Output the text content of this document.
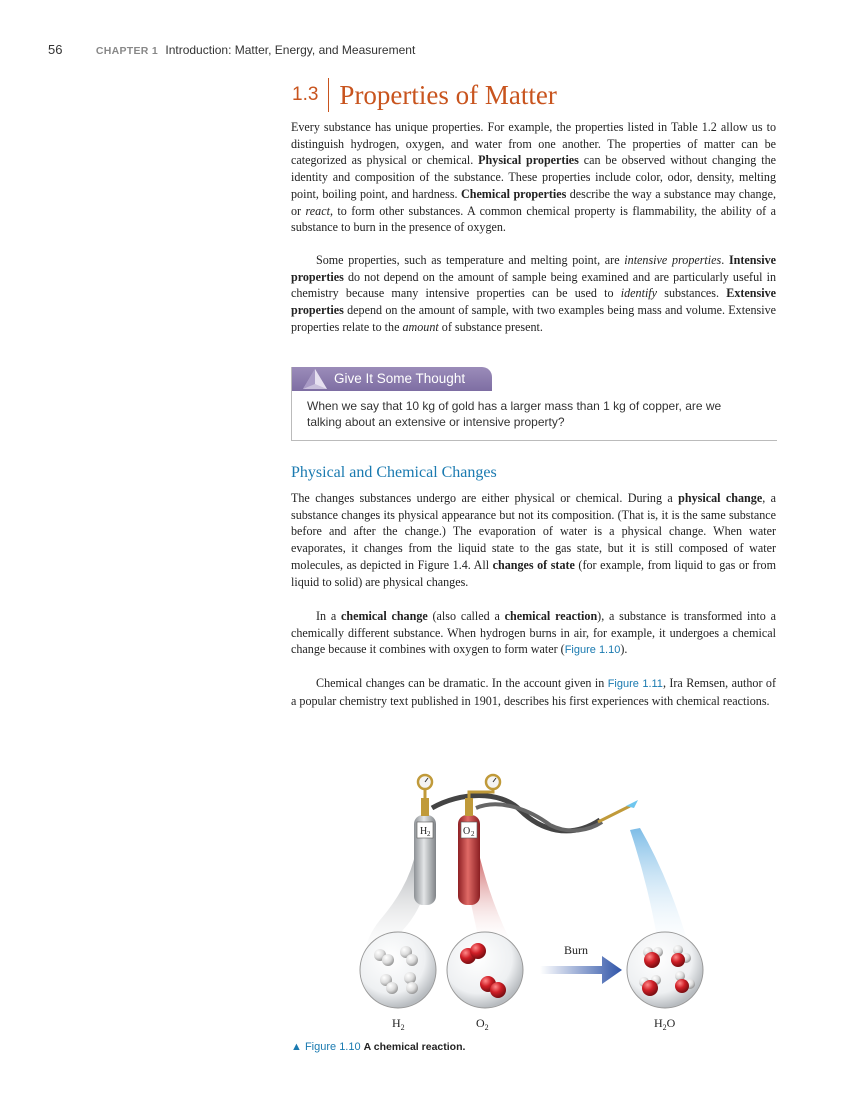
56	CHAPTER 1 Introduction: Matter, Energy, and Measurement
1.3 Properties of Matter

Every substance has unique properties. For example, the properties listed in Table 1.2 allow us to distinguish hydrogen, oxygen, and water from one another. The properties of matter can be categorized as physical or chemical. Physical properties can be observed without changing the identity and composition of the substance. These properties include color, odor, density, melting point, boiling point, and hardness. Chemical properties describe the way a substance may change, or react, to form other substances. A common chemical property is flammability, the ability of a substance to burn in the presence of oxygen.

Some properties, such as temperature and melting point, are intensive properties. Intensive properties do not depend on the amount of sample being examined and are particularly useful in chemistry because many intensive properties can be used to identify substances. Extensive properties depend on the amount of sample, with two examples being mass and volume. Extensive properties relate to the amount of substance present.

Give It Some Thought

When we say that 10 kg of gold has a larger mass than 1 kg of copper, are we talking about an extensive or intensive property?

Physical and Chemical Changes

The changes substances undergo are either physical or chemical. During a physical change, a substance changes its physical appearance but not its composition. (That is, it is the same substance before and after the change.) The evaporation of water is a physical change. When water evaporates, it changes from the liquid state to the gas state, but it is still composed of water molecules, as depicted in Figure 1.4. All changes of state (for example, from liquid to gas or from liquid to solid) are physical changes.

In a chemical change (also called a chemical reaction), a substance is transformed into a chemically different substance. When hydrogen burns in air, for example, it undergoes a chemical change because it combines with oxygen to form water (Figure 1.10).

Chemical changes can be dramatic. In the account given in Figure 1.11, Ira Remsen, author of a popular chemistry text published in 1901, describes his first experiences with chemical reactions.

H 2	O 2
Burn
$H_2$	$O_2$	$H_2O$
▲ Figure 1.10 A chemical reaction.
